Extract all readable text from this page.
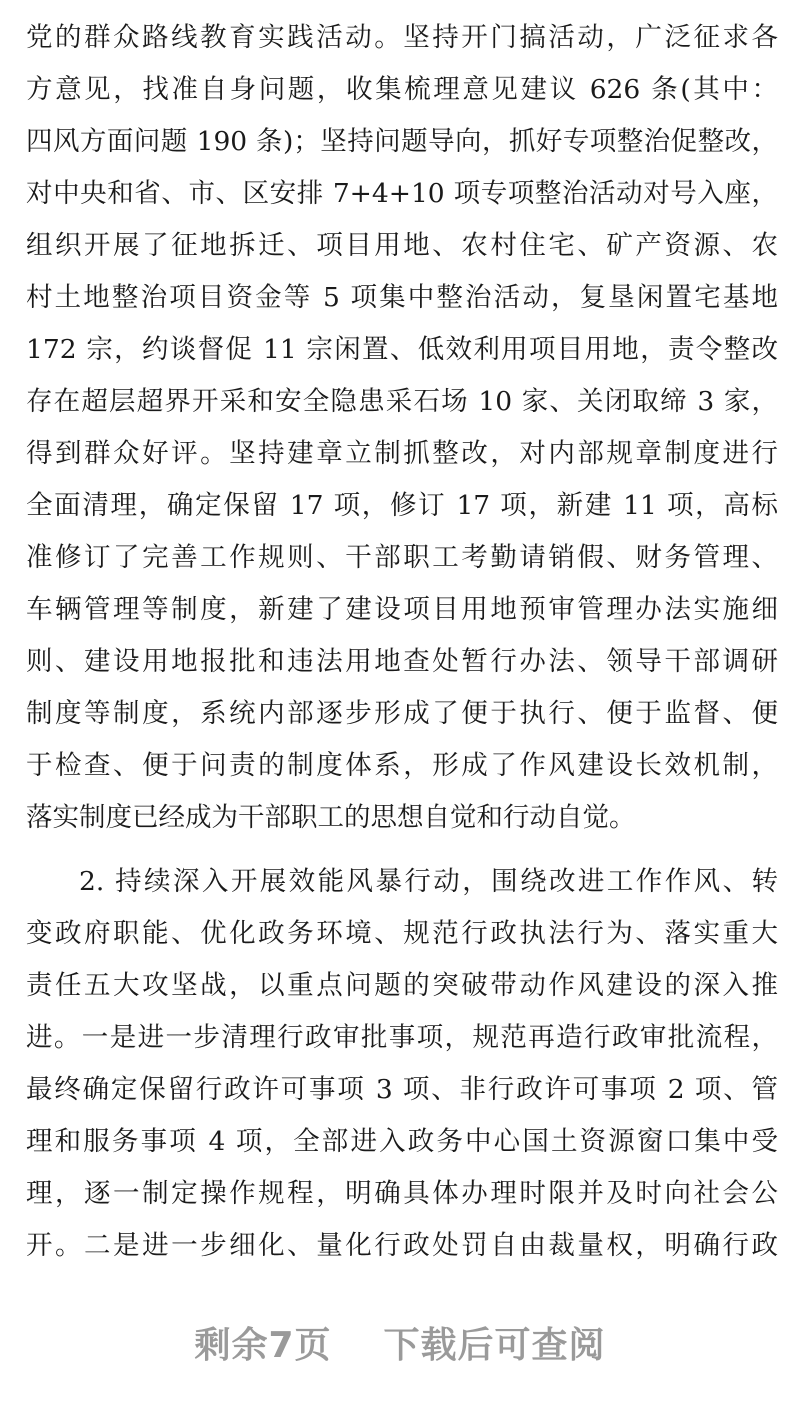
党的群众路线教育实践活动。坚持开门搞活动，广泛征求各
方意见，找准自身问题，收集梳理意见建议 626 条(其中：
四风方面问题 190 条)；坚持问题导向，抓好专项整治促整改，
对中央和省、市、区安排 7+4+10 项专项整治活动对号入座，
组织开展了征地拆迁、项目用地、农村住宅、矿产资源、农
村土地整治项目资金等 5 项集中整治活动，复垦闲置宅基地
172 宗，约谈督促 11 宗闲置、低效利用项目用地，责令整改
存在超层超界开采和安全隐患采石场 10 家、关闭取缔 3 家，
得到群众好评。坚持建章立制抓整改，对内部规章制度进行
全面清理，确定保留 17 项，修订 17 项，新建 11 项，高标
准修订了完善工作规则、干部职工考勤请销假、财务管理、
车辆管理等制度，新建了建设项目用地预审管理办法实施细
则、建设用地报批和违法用地查处暂行办法、领导干部调研
制度等制度，系统内部逐步形成了便于执行、便于监督、便
于检查、便于问责的制度体系，形成了作风建设长效机制，
落实制度已经成为干部职工的思想自觉和行动自觉。
2. 持续深入开展效能风暴行动，围绕改进工作作风、转
变政府职能、优化政务环境、规范行政执法行为、落实重大
责任五大攻坚战，以重点问题的突破带动作风建设的深入推
进。一是进一步清理行政审批事项，规范再造行政审批流程，
最终确定保留行政许可事项 3 项、非行政许可事项 2 项、管
理和服务事项 4 项，全部进入政务中心国土资源窗口集中受
理，逐一制定操作规程，明确具体办理时限并及时向社会公
开。二是进一步细化、量化行政处罚自由裁量权，明确行政
剩余7页 下载后可查阅
